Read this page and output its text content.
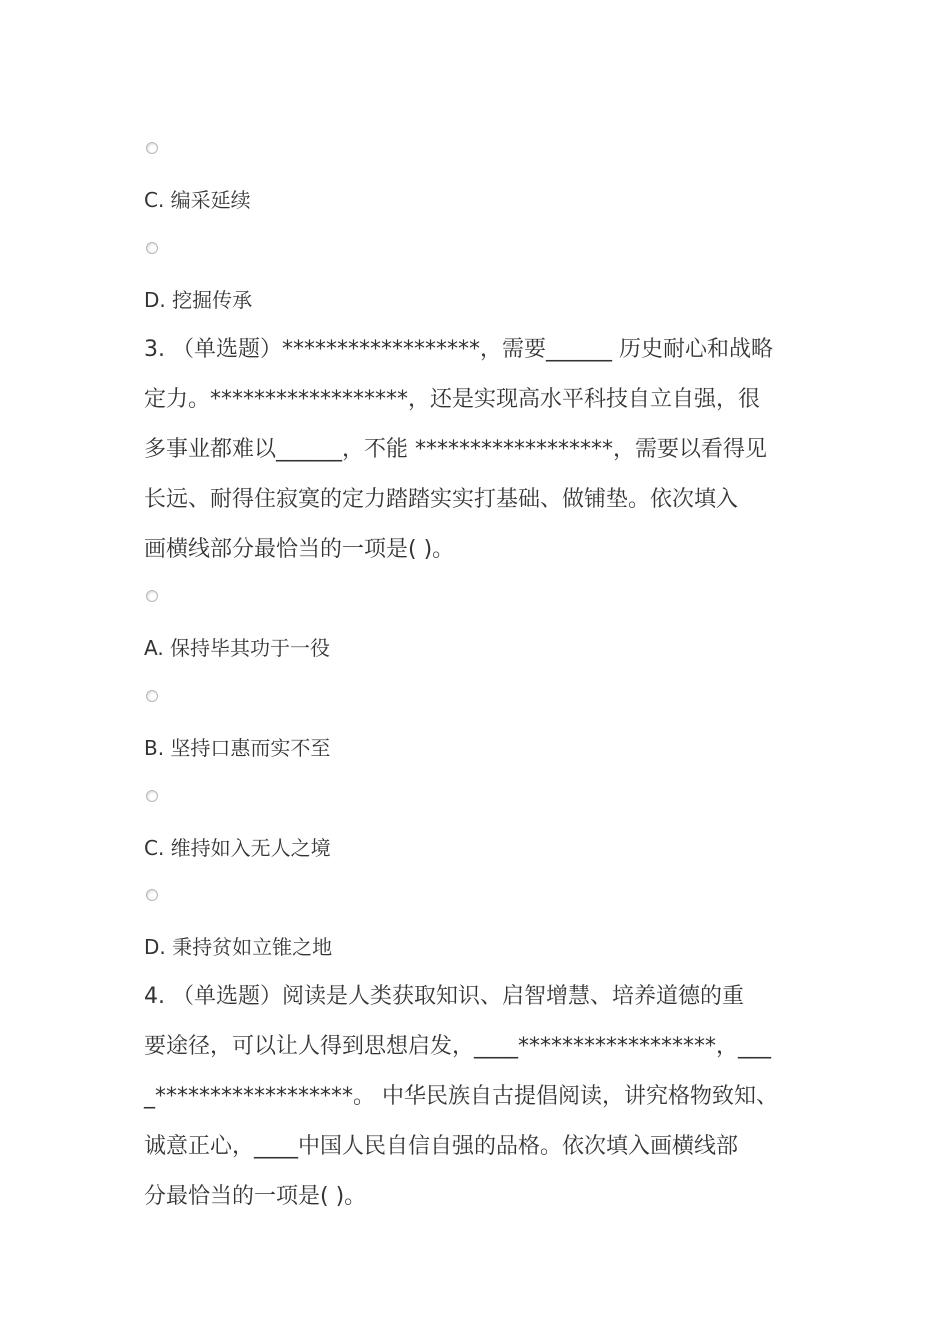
C. 编采延续
D. 挖掘传承
3. （单选题）******************，需要______ 历史耐心和战略
定力。******************，还是实现高水平科技自立自强，很
多事业都难以______，不能 ******************，需要以看得见
长远、耐得住寂寞的定力踏踏实实打基础、做铺垫。依次填入
画横线部分最恰当的一项是( )。
A. 保持毕其功于一役
B. 坚持口惠而实不至
C. 维持如入无人之境
D. 秉持贫如立锥之地
4. （单选题）阅读是人类获取知识、启智增慧、培养道德的重
要途径，可以让人得到思想启发，____******************，___
_******************。 中华民族自古提倡阅读，讲究格物致知、
诚意正心，____中国人民自信自强的品格。依次填入画横线部
分最恰当的一项是( )。
